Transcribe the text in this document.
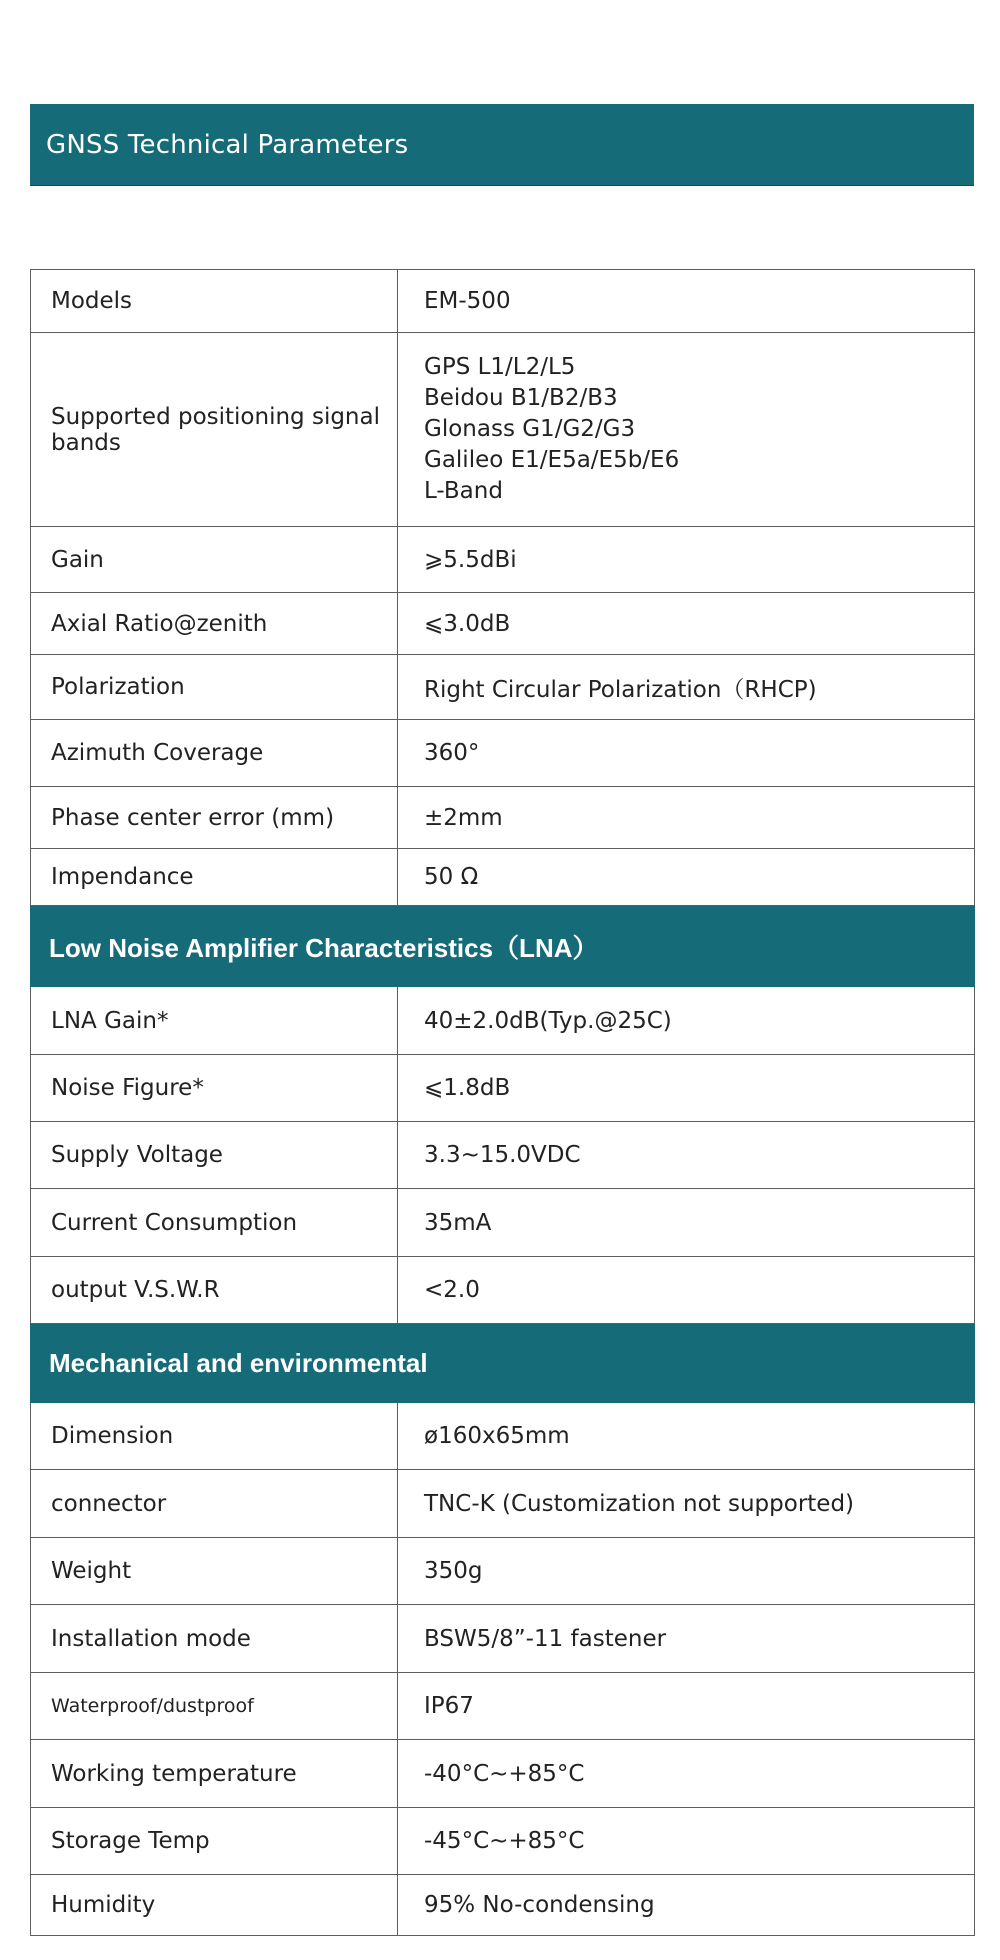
GNSS Technical Parameters
Models	EM-500
Supported positioning signal bands	GPS L1/L2/L5
Beidou B1/B2/B3
Glonass G1/G2/G3
Galileo E1/E5a/E5b/E6
L-Band

Gain	⩾5.5dBi
Axial Ratio@zenith	⩽3.0dB
Polarization	Right Circular Polarization（RHCP)
Azimuth Coverage	360°
Phase center error (mm)	±2mm
Impendance	50 Ω
Low Noise Amplifier Characteristics（LNA）	
LNA Gain*	40±2.0dB(Typ.@25C)
Noise Figure*	⩽1.8dB
Supply Voltage	3.3~15.0VDC
Current Consumption	35mA
output V.S.W.R	<2.0
Mechanical and environmental	
Dimension	ø160x65mm
connector	TNC-K (Customization not supported)
Weight	350g
Installation mode	BSW5/8”-11 fastener
Waterproof/dustproof	IP67
Working temperature	-40°C~+85°C
Storage Temp	-45°C~+85°C
Humidity	95% No-condensing
